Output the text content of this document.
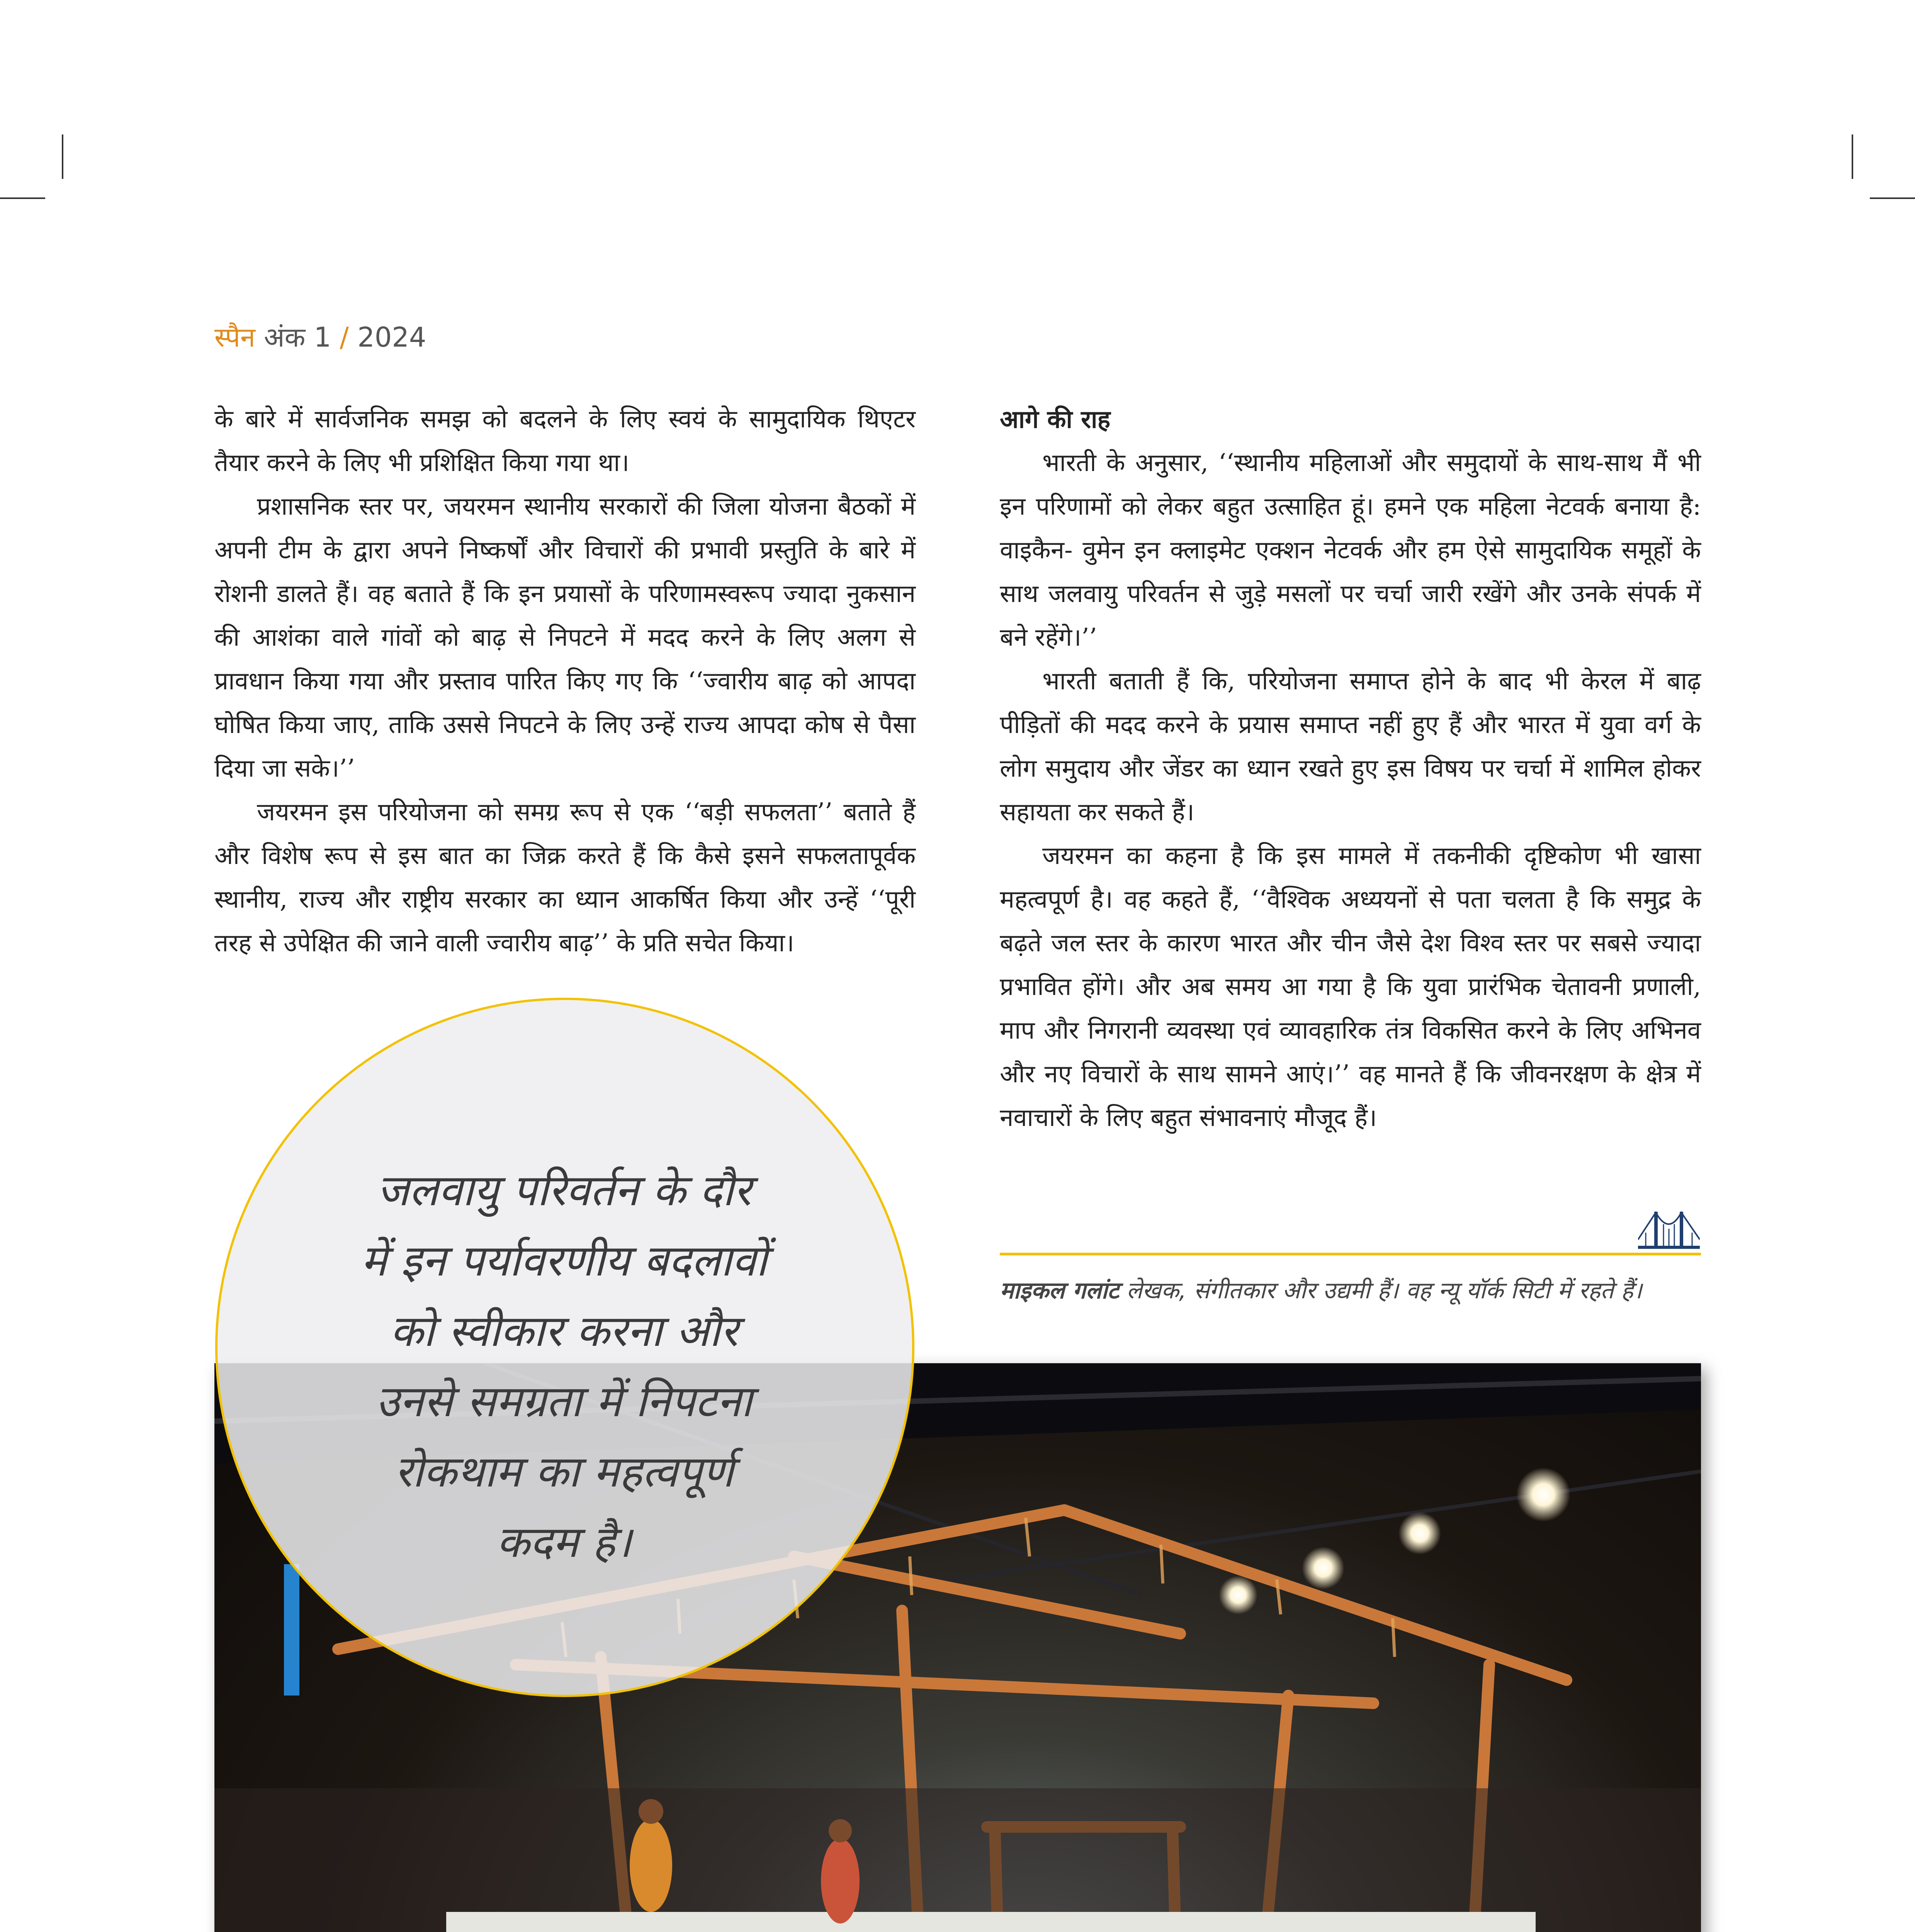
स्पैन अंक 1 / 2024

के बारे में सार्वजनिक समझ को बदलने के लिए स्वयं के सामुदायिक थिएटर तैयार करने के लिए भी प्रशिक्षित किया गया था।

प्रशासनिक स्तर पर, जयरमन स्थानीय सरकारों की जिला योजना बैठकों में अपनी टीम के द्वारा अपने निष्कर्षों और विचारों की प्रभावी प्रस्तुति के बारे में रोशनी डालते हैं। वह बताते हैं कि इन प्रयासों के परिणामस्वरूप ज्यादा नुकसान की आशंका वाले गांवों को बाढ़ से निपटने में मदद करने के लिए अलग से प्रावधान किया गया और प्रस्ताव पारित किए गए कि ‘‘ज्वारीय बाढ़ को आपदा घोषित किया जाए, ताकि उससे निपटने के लिए उन्हें राज्य आपदा कोष से पैसा दिया जा सके।’’

जयरमन इस परियोजना को समग्र रूप से एक ‘‘बड़ी सफलता’’ बताते हैं और विशेष रूप से इस बात का जिक्र करते हैं कि कैसे इसने सफलतापूर्वक स्थानीय, राज्य और राष्ट्रीय सरकार का ध्यान आकर्षित किया और उन्हें ‘‘पूरी तरह से उपेक्षित की जाने वाली ज्वारीय बाढ़’’ के प्रति सचेत किया।

आगे की राह

भारती के अनुसार, ‘‘स्थानीय महिलाओं और समुदायों के साथ-साथ मैं भी इन परिणामों को लेकर बहुत उत्साहित हूं। हमने एक महिला नेटवर्क बनाया है: वाइकैन- वुमेन इन क्लाइमेट एक्शन नेटवर्क और हम ऐसे सामुदायिक समूहों के साथ जलवायु परिवर्तन से जुड़े मसलों पर चर्चा जारी रखेंगे और उनके संपर्क में बने रहेंगे।’’

भारती बताती हैं कि, परियोजना समाप्त होने के बाद भी केरल में बाढ़ पीड़ितों की मदद करने के प्रयास समाप्त नहीं हुए हैं और भारत में युवा वर्ग के लोग समुदाय और जेंडर का ध्यान रखते हुए इस विषय पर चर्चा में शामिल होकर सहायता कर सकते हैं।

जयरमन का कहना है कि इस मामले में तकनीकी दृष्टिकोण भी खासा महत्वपूर्ण है। वह कहते हैं, ‘‘वैश्विक अध्ययनों से पता चलता है कि समुद्र के बढ़ते जल स्तर के कारण भारत और चीन जैसे देश विश्व स्तर पर सबसे ज्यादा प्रभावित होंगे। और अब समय आ गया है कि युवा प्रारंभिक चेतावनी प्रणाली, माप और निगरानी व्यवस्था एवं व्यावहारिक तंत्र विकसित करने के लिए अभिनव और नए विचारों के साथ सामने आएं।’’ वह मानते हैं कि जीवनरक्षण के क्षेत्र में नवाचारों के लिए बहुत संभावनाएं मौजूद हैं।

माइकल गलांट लेखक, संगीतकार और उद्यमी हैं। वह न्यू यॉर्क सिटी में रहते हैं।
जलवायु परिवर्तन के दौर
में इन पर्यावरणीय बदलावों
को स्वीकार करना और
उनसे समग्रता में निपटना
रोकथाम का महत्वपूर्ण
कदम है।
